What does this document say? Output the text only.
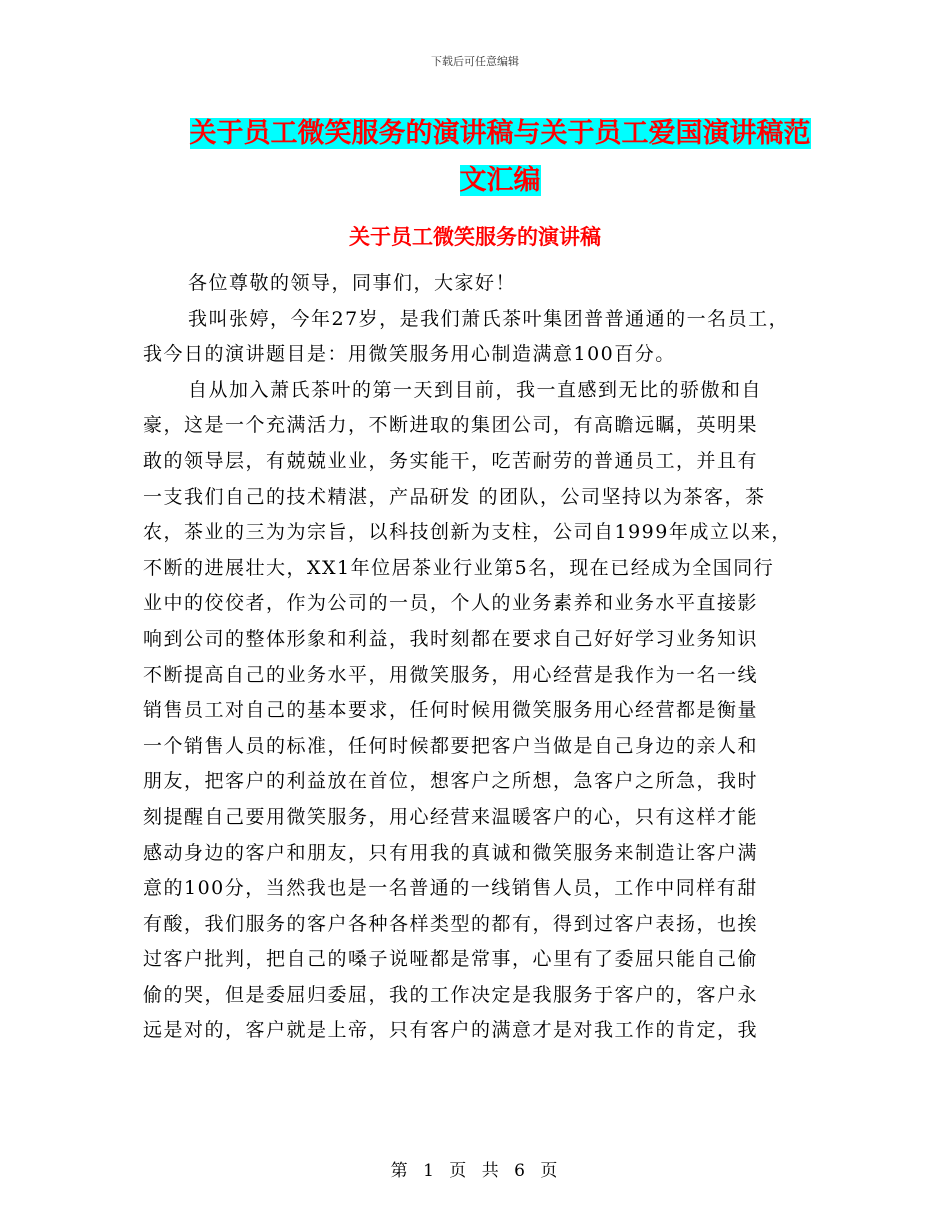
下载后可任意编辑
关于员工微笑服务的演讲稿与关于员工爱国演讲稿范
文汇编
关于员工微笑服务的演讲稿
各位尊敬的领导，同事们，大家好！
我叫张婷，今年27岁，是我们萧氏茶叶集团普普通通的一名员工，
我今日的演讲题目是：用微笑服务用心制造满意100百分。
自从加入萧氏茶叶的第一天到目前，我一直感到无比的骄傲和自
豪，这是一个充满活力，不断进取的集团公司，有高瞻远瞩，英明果
敢的领导层，有兢兢业业，务实能干，吃苦耐劳的普通员工，并且有
一支我们自己的技术精湛，产品研发 的团队，公司坚持以为茶客，茶
农，茶业的三为为宗旨，以科技创新为支柱，公司自1999年成立以来，
不断的进展壮大，XX1年位居茶业行业第5名，现在已经成为全国同行
业中的佼佼者，作为公司的一员，个人的业务素养和业务水平直接影
响到公司的整体形象和利益，我时刻都在要求自己好好学习业务知识
不断提高自己的业务水平，用微笑服务，用心经营是我作为一名一线
销售员工对自己的基本要求，任何时候用微笑服务用心经营都是衡量
一个销售人员的标准，任何时候都要把客户当做是自己身边的亲人和
朋友，把客户的利益放在首位，想客户之所想，急客户之所急，我时
刻提醒自己要用微笑服务，用心经营来温暖客户的心，只有这样才能
感动身边的客户和朋友，只有用我的真诚和微笑服务来制造让客户满
意的100分，当然我也是一名普通的一线销售人员，工作中同样有甜
有酸，我们服务的客户各种各样类型的都有，得到过客户表扬，也挨
过客户批判，把自己的嗓子说哑都是常事，心里有了委屈只能自己偷
偷的哭，但是委屈归委屈，我的工作决定是我服务于客户的，客户永
远是对的，客户就是上帝，只有客户的满意才是对我工作的肯定，我
第 1 页 共 6 页
